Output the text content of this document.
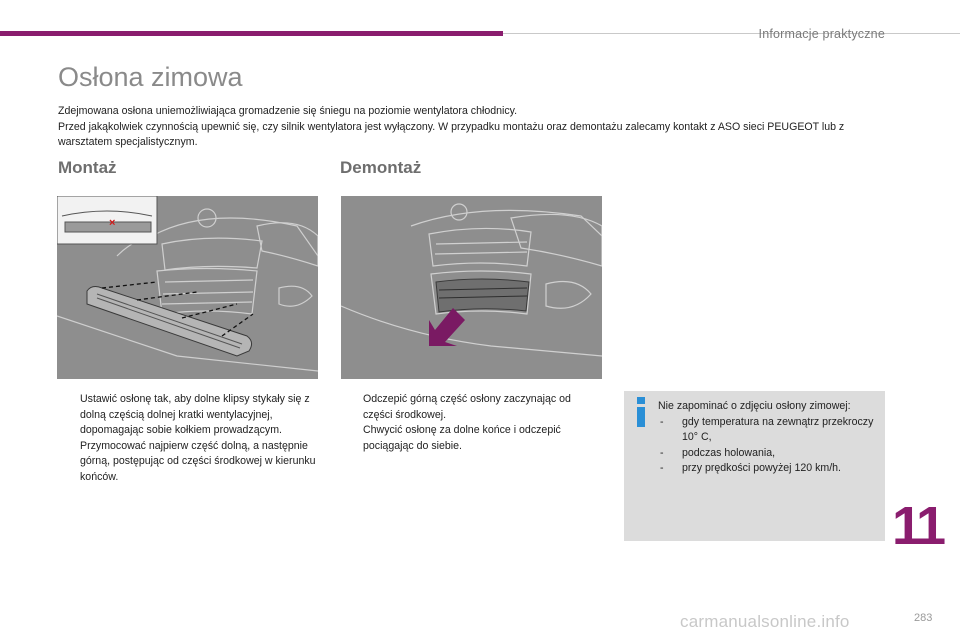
Informacje praktyczne
Osłona zimowa

Zdejmowana osłona uniemożliwiająca gromadzenie się śniegu na poziomie wentylatora chłodnicy.

Przed jakąkolwiek czynnością upewnić się, czy silnik wentylatora jest wyłączony. W przypadku montażu oraz demontażu zalecamy kontakt z ASO sieci PEUGEOT lub z warsztatem specjalistycznym.

Montaż	Demontaż
×
Ustawić osłonę tak, aby dolne klipsy stykały się z dolną częścią dolnej kratki wentylacyjnej, dopomagając sobie kołkiem prowadzącym.
Przymocować najpierw część dolną, a następnie górną, postępując od części środkowej w kierunku końców.
Odczepić górną część osłony zaczynając od części środkowej.
Chwycić osłonę za dolne końce i odczepić pociągając do siebie.
Nie zapominać o zdjęciu osłony zimowej:
- gdy temperatura na zewnątrz przekroczy 10° C,
- podczas holowania,
- przy prędkości powyżej 120 km/h.
11
carmanualsonline.info	283
